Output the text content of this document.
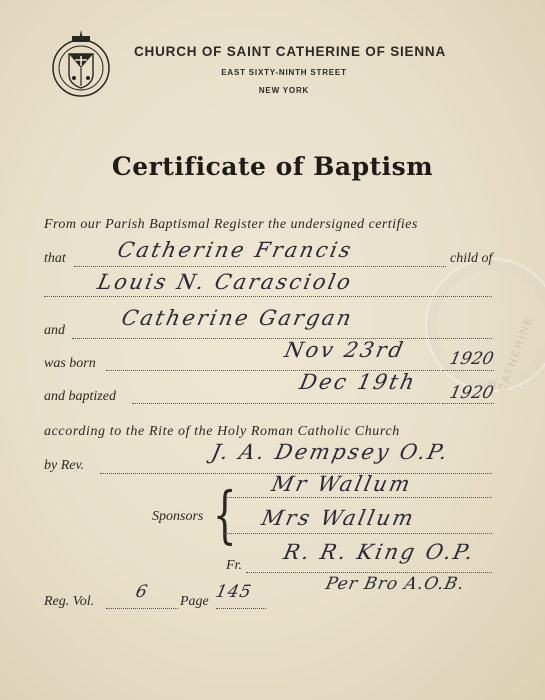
CHURCH OF SAINT CATHERINE OF SIENNA
EAST SIXTY-NINTH STREET
NEW YORK
Certificate of Baptism
S. CATHERINE
From our Parish Baptismal Register the undersigned certifies
that Catherine Francis	child of
Louis N. Carasciolo
and
Catherine Gargan
was born
Nov 23rd 1920
and baptized
Dec 19th 1920
according to the Rite of the Holy Roman Catholic Church
by Rev.
J. A. Dempsey O.P.
Mr Wallum
Sponsors { Mrs Wallum
Fr.
R. R. King O.P.
Reg. Vol. 6 Page 145	Per Bro A.O.B.
